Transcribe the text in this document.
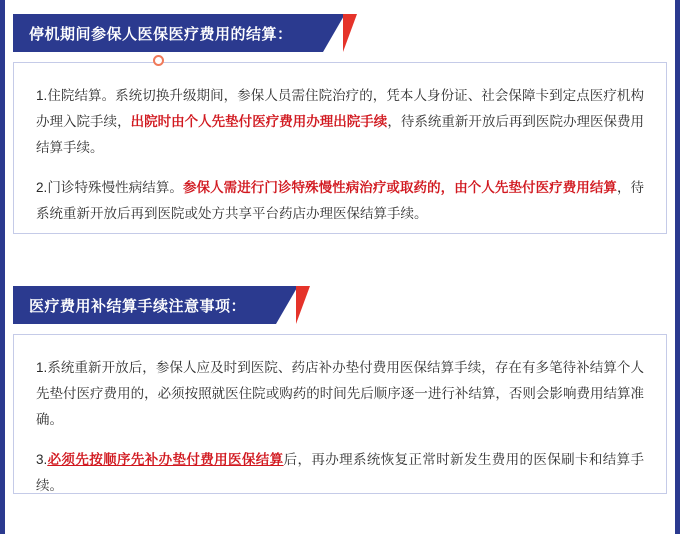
停机期间参保人医保医疗费用的结算：

1.住院结算。系统切换升级期间，参保人员需住院治疗的，凭本人身份证、社会保障卡到定点医疗机构办理入院手续，出院时由个人先垫付医疗费用办理出院手续，待系统重新开放后再到医院办理医保费用结算手续。

2.门诊特殊慢性病结算。参保人需进行门诊特殊慢性病治疗或取药的，由个人先垫付医疗费用结算，待系统重新开放后再到医院或处方共享平台药店办理医保结算手续。

医疗费用补结算手续注意事项：

1.系统重新开放后，参保人应及时到医院、药店补办垫付费用医保结算手续，存在有多笔待补结算个人先垫付医疗费用的，必须按照就医住院或购药的时间先后顺序逐一进行补结算，否则会影响费用结算准确。

3.必须先按顺序先补办垫付费用医保结算后，再办理系统恢复正常时新发生费用的医保刷卡和结算手续。
